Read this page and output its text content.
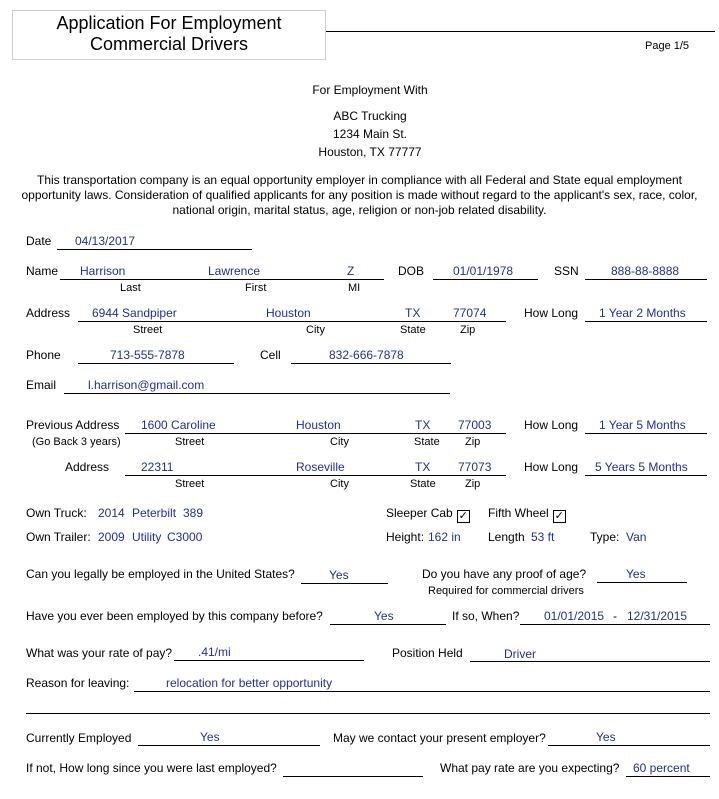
Application For Employment
Commercial Drivers	Page 1/5
For Employment With
ABC Trucking
1234 Main St.
Houston, TX 77777
This transportation company is an equal opportunity employer in compliance with all Federal and State equal employment
opportunity laws. Consideration of qualified applicants for any position is made without regard to the applicant's sex, race, color,
national origin, marital status, age, religion or non-job related disability.
Date 04/13/2017
Name Harrison	Lawrence	Z
Last	First	MI
DOB 01/01/1978	SSN	888-88-8888
Address 6944 Sandpiper	Houston	TX	77074
Street	City	State	Zip
How Long 1 Year 2 Months
Phone	713-555-7878	Cell	832-666-7878
Email	l.harrison@gmail.com
Previous Address
(Go Back 3 years)
1600 Caroline	Houston	TX 77003
Street	City	State Zip
How Long 1 Year 5 Months
Address	22311	Roseville	TX 77073
Street	City	State	Zip
How Long 5 Years 5 Months
Own Truck: 2014 Peterbilt 389	Sleeper Cab ✓ Fifth Wheel ✓
Own Trailer: 2009 Utility C3000	Height: 162 in Length 53 ft	Type: Van
Can you legally be employed in the United States?	Yes	Do you have any proof of age?	Yes
Required for commercial drivers
Have you ever been employed by this company before?	Yes	If so, When? 01/01/2015 - 12/31/2015
What was your rate of pay? .41/mi	Position Held	Driver
Reason for leaving:	relocation for better opportunity
Currently Employed	Yes	May we contact your present employer?	Yes
If not, How long since you were last employed?	What pay rate are you expecting? 60 percent
